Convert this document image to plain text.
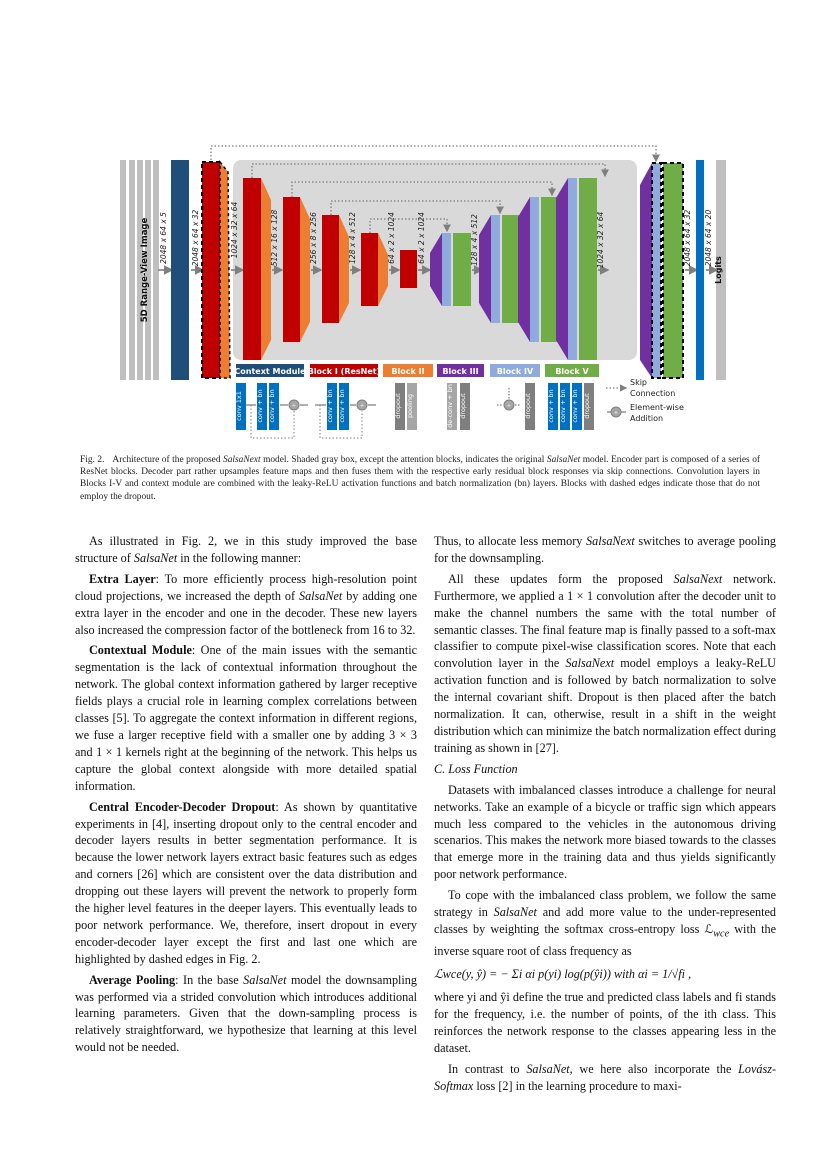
5D Range-View Image 2048 x 64 x 5	2048 x 64 x 32	1024 x 32 x 64	512 x 16 x 128	256 x 8 x 256	128 x 4 x 512	64 x 2 x 1024	64 x 2 x 1024	128 x 4 x 512	1024 x 32 x 64	2048 x 64 x 32 2048 x 64 x 20
Logits
Context Module Block I (ResNet) Block II Block III Block IV	Block V
conv 1x1 conv + bn conv + bn +	conv + bn conv + bn +	dropout pooling	de-conv + bn dropout	+ dropout conv + bn conv + bn conv + bn dropout
Skip Connection
+
Element-wise Addition
Fig. 2. Architecture of the proposed SalsaNext model. Shaded gray box, except the attention blocks, indicates the original SalsaNet model. Encoder part is composed of a series of ResNet blocks. Decoder part rather upsamples feature maps and then fuses them with the respective early residual block responses via skip connections. Convolution layers in Blocks I-V and context module are combined with the leaky-ReLU activation functions and batch normalization (bn) layers. Blocks with dashed edges indicate those that do not employ the dropout.

As illustrated in Fig. 2, we in this study improved the base structure of SalsaNet in the following manner:

Extra Layer: To more efficiently process high-resolution point cloud projections, we increased the depth of SalsaNet by adding one extra layer in the encoder and one in the decoder. These new layers also increased the compression factor of the bottleneck from 16 to 32.

Contextual Module: One of the main issues with the semantic segmentation is the lack of contextual information throughout the network. The global context information gathered by larger receptive fields plays a crucial role in learning complex correlations between classes [5]. To aggregate the context information in different regions, we fuse a larger receptive field with a smaller one by adding 3 × 3 and 1 × 1 kernels right at the beginning of the network. This helps us capture the global context alongside with more detailed spatial information.

Central Encoder-Decoder Dropout: As shown by quantitative experiments in [4], inserting dropout only to the central encoder and decoder layers results in better segmentation performance. It is because the lower network layers extract basic features such as edges and corners [26] which are consistent over the data distribution and dropping out these layers will prevent the network to properly form the higher level features in the deeper layers. This eventually leads to poor network performance. We, therefore, insert dropout in every encoder-decoder layer except the first and last one which are highlighted by dashed edges in Fig. 2.

Average Pooling: In the base SalsaNet model the downsampling was performed via a strided convolution which introduces additional learning parameters. Given that the down-sampling process is relatively straightforward, we hypothesize that learning at this level would not be needed.

Thus, to allocate less memory SalsaNext switches to average pooling for the downsampling.

All these updates form the proposed SalsaNext network. Furthermore, we applied a 1 × 1 convolution after the decoder unit to make the channel numbers the same with the total number of semantic classes. The final feature map is finally passed to a soft-max classifier to compute pixel-wise classification scores. Note that each convolution layer in the SalsaNext model employs a leaky-ReLU activation function and is followed by batch normalization to solve the internal covariant shift. Dropout is then placed after the batch normalization. It can, otherwise, result in a shift in the weight distribution which can minimize the batch normalization effect during training as shown in [27].

C. Loss Function

Datasets with imbalanced classes introduce a challenge for neural networks. Take an example of a bicycle or traffic sign which appears much less compared to the vehicles in the autonomous driving scenarios. This makes the network more biased towards to the classes that emerge more in the training data and thus yields significantly poor network performance.

To cope with the imbalanced class problem, we follow the same strategy in SalsaNet and add more value to the under-represented classes by weighting the softmax cross-entropy loss ℒ$_{wce}$ with the inverse square root of class frequency as

ℒwce(y, ŷ) = − Σi αi p(yi) log(p(ŷi)) with αi = 1/√fi ,

where yi and ŷi define the true and predicted class labels and fi stands for the frequency, i.e. the number of points, of the ith class. This reinforces the network response to the classes appearing less in the dataset.

In contrast to SalsaNet, we here also incorporate the Lovász-Softmax loss [2] in the learning procedure to maxi-
